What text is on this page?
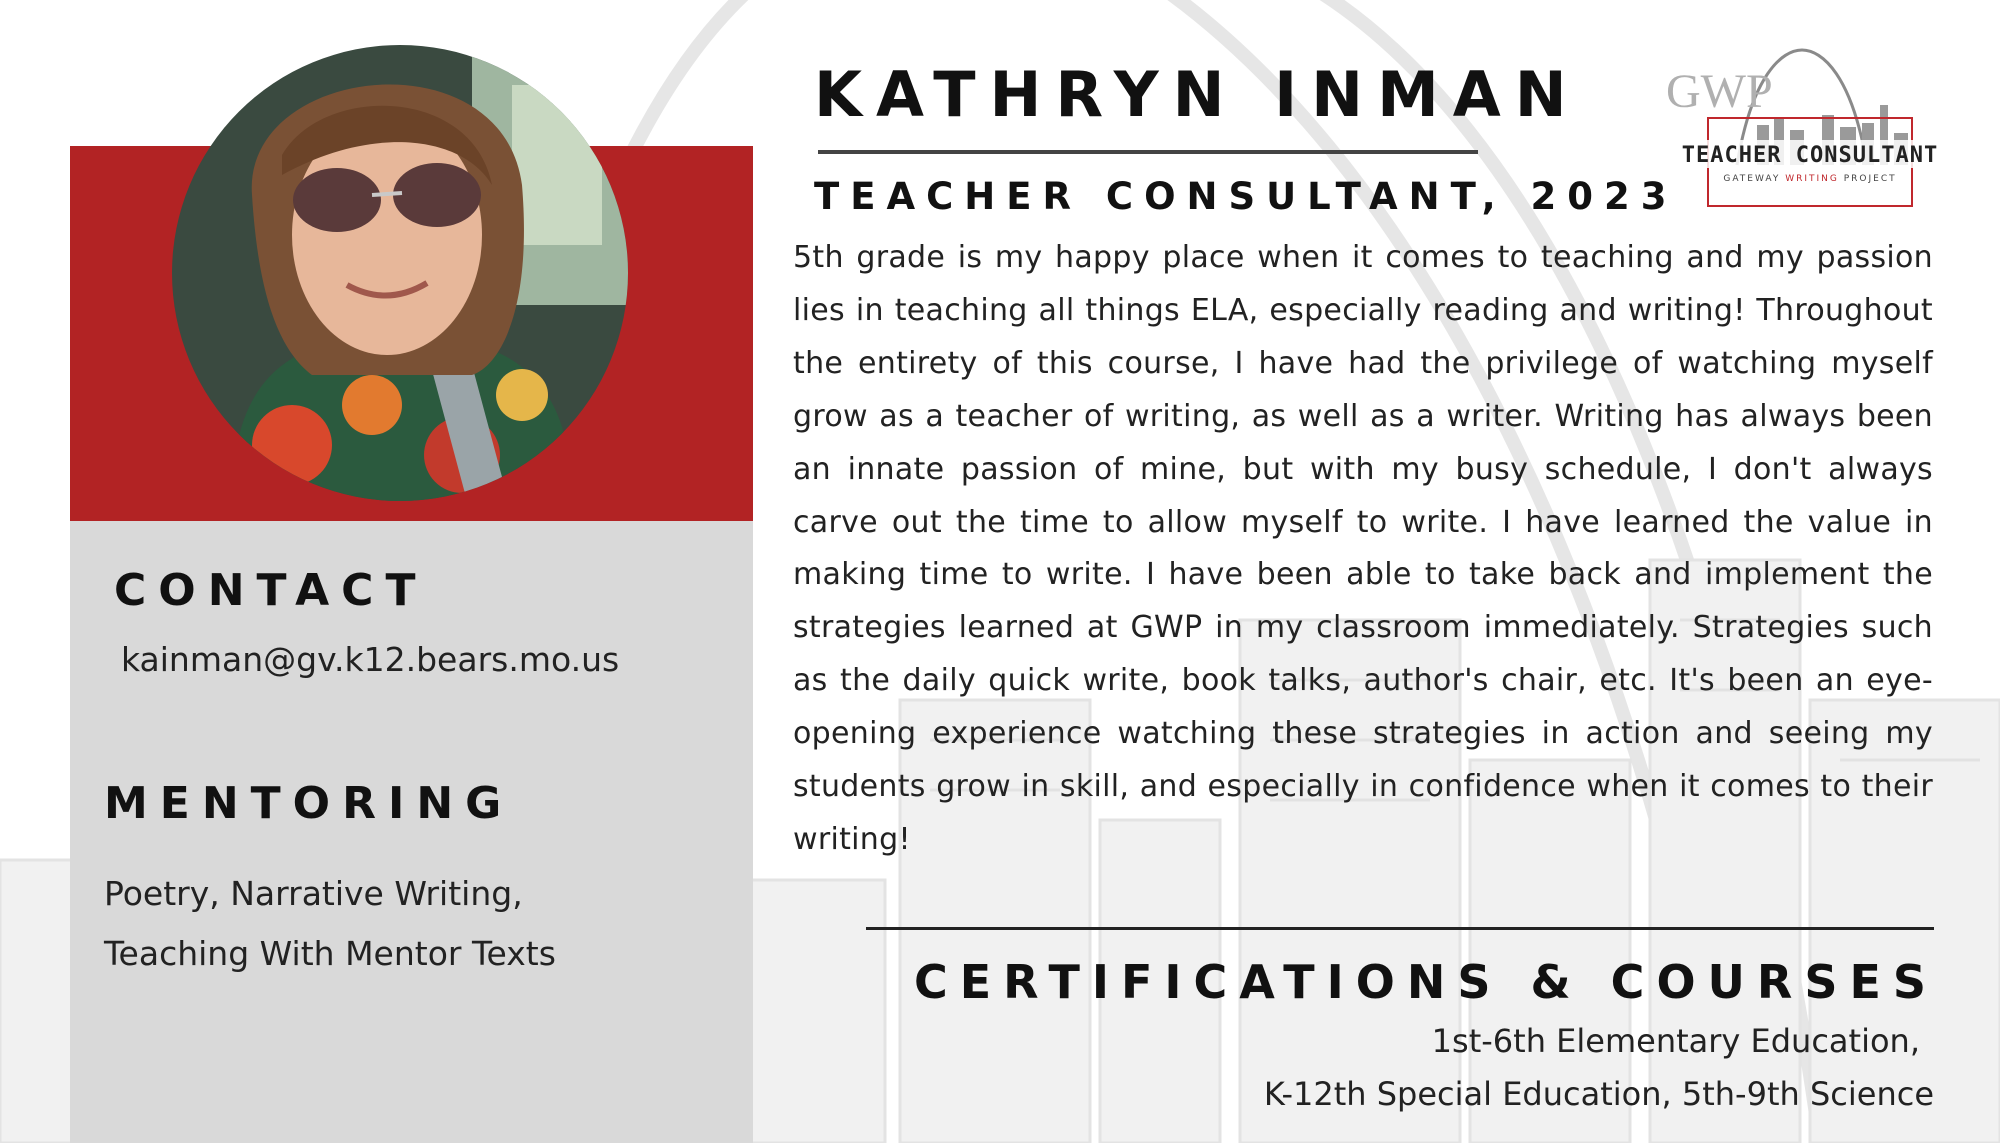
KATHRYN INMAN
TEACHER CONSULTANT, 2023
GWP
TEACHER CONSULTANT
GATEWAY WRITING PROJECT
5th grade is my happy place when it comes to teaching and my passion lies in teaching all things ELA, especially reading and writing! Throughout the entirety of this course, I have had the privilege of watching myself grow as a teacher of writing, as well as a writer. Writing has always been an innate passion of mine, but with my busy schedule, I don't always carve out the time to allow myself to write. I have learned the value in making time to write. I have been able to take back and implement the strategies learned at GWP in my classroom immediately. Strategies such as the daily quick write, book talks, author's chair, etc. It's been an eye-opening experience watching these strategies in action and seeing my students grow in skill, and especially in confidence when it comes to their writing!
CONTACT
kainman@gv.k12.bears.mo.us
MENTORING
Poetry, Narrative Writing,
Teaching With Mentor Texts
CERTIFICATIONS & COURSES
1st-6th Elementary Education,
K-12th Special Education, 5th-9th Science
